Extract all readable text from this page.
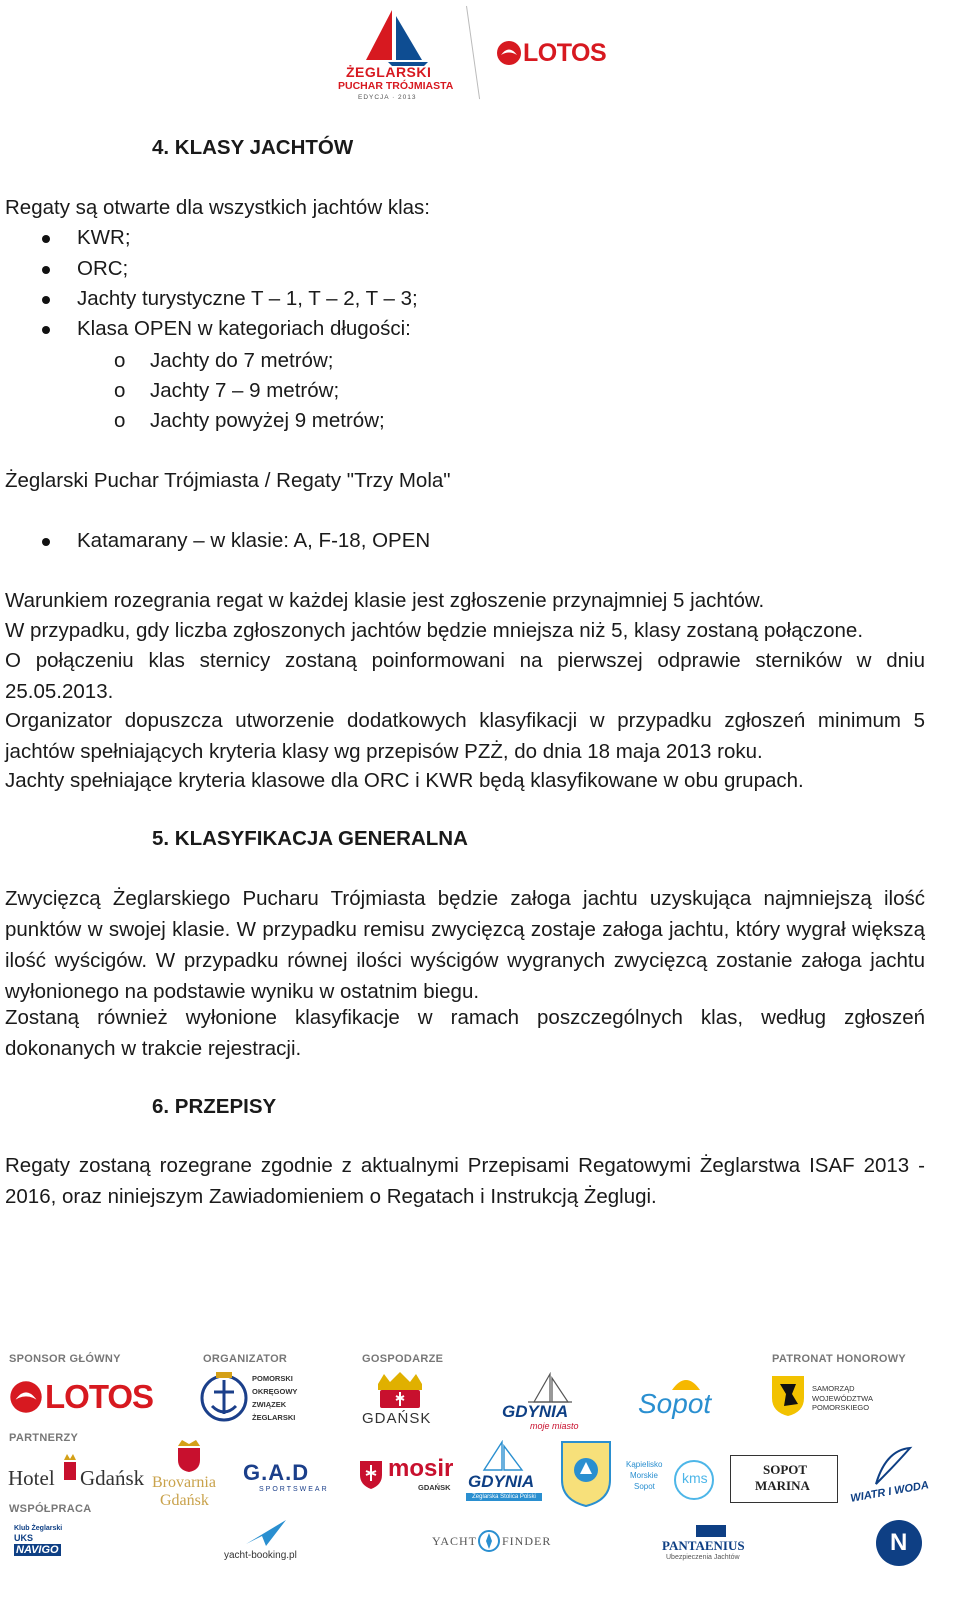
ŻEGLARSKI
PUCHAR TRÓJMIASTA
EDYCJA · 2013
LOTOS
4. KLASY JACHTÓW
Regaty są otwarte dla wszystkich jachtów klas:
KWR;
ORC;
Jachty turystyczne T – 1, T – 2, T – 3;
Klasa OPEN w kategoriach długości:
o Jachty do 7 metrów;
o Jachty 7 – 9 metrów;
o Jachty powyżej 9 metrów;
Żeglarski Puchar Trójmiasta / Regaty "Trzy Mola"
Katamarany – w klasie: A, F-18, OPEN
Warunkiem rozegrania regat w każdej klasie jest zgłoszenie przynajmniej 5 jachtów.
W przypadku, gdy liczba zgłoszonych jachtów będzie mniejsza niż 5, klasy zostaną połączone.
O połączeniu klas sternicy zostaną poinformowani na pierwszej odprawie sterników w dniu 25.05.2013.
Organizator dopuszcza utworzenie dodatkowych klasyfikacji w przypadku zgłoszeń minimum 5 jachtów spełniających kryteria klasy wg przepisów PZŻ, do dnia 18 maja 2013 roku.
Jachty spełniające kryteria klasowe dla ORC i KWR będą klasyfikowane w obu grupach.
5. KLASYFIKACJA GENERALNA
Zwycięzcą Żeglarskiego Pucharu Trójmiasta będzie załoga jachtu uzyskująca najmniejszą ilość punktów w swojej klasie. W przypadku remisu zwycięzcą zostaje załoga jachtu, który wygrał większą ilość wyścigów. W przypadku równej ilości wyścigów wygranych zwycięzcą zostanie załoga jachtu wyłonionego na podstawie wyniku w ostatnim biegu.
Zostaną również wyłonione klasyfikacje w ramach poszczególnych klas, według zgłoszeń dokonanych w trakcie rejestracji.
6. PRZEPISY
Regaty zostaną rozegrane zgodnie z aktualnymi Przepisami Regatowymi Żeglarstwa ISAF 2013 - 2016, oraz niniejszym Zawiadomieniem o Regatach i Instrukcją Żeglugi.
SPONSOR GŁÓWNY	ORGANIZATOR	GOSPODARZE	PATRONAT HONOROWY
PARTNERZY
WSPÓŁPRACA
LOTOS	POMORSKI
OKRĘGOWY
ZWIĄZEK
ŻEGLARSKI	GDAŃSK	GDYNIA
moje miasto
Sopot	SAMORZĄD
WOJEWÓDZTWA POMORSKIEGO
Hotel Gdańsk Brovarnia
Gdańsk
G.A.D
SPORTSWEAR
mosir
GDAŃSK GDYNIA
Żeglarska Stolica Polski
Kąpielisko
Morskie
Sopot
kms
SOPOT
MARINA	WIATR I WODA
Klub Żeglarski
UKS
NAVIGO	yacht-booking.pl
YACHT FINDER	PANTAENIUS
Ubezpieczenia Jachtów
N
